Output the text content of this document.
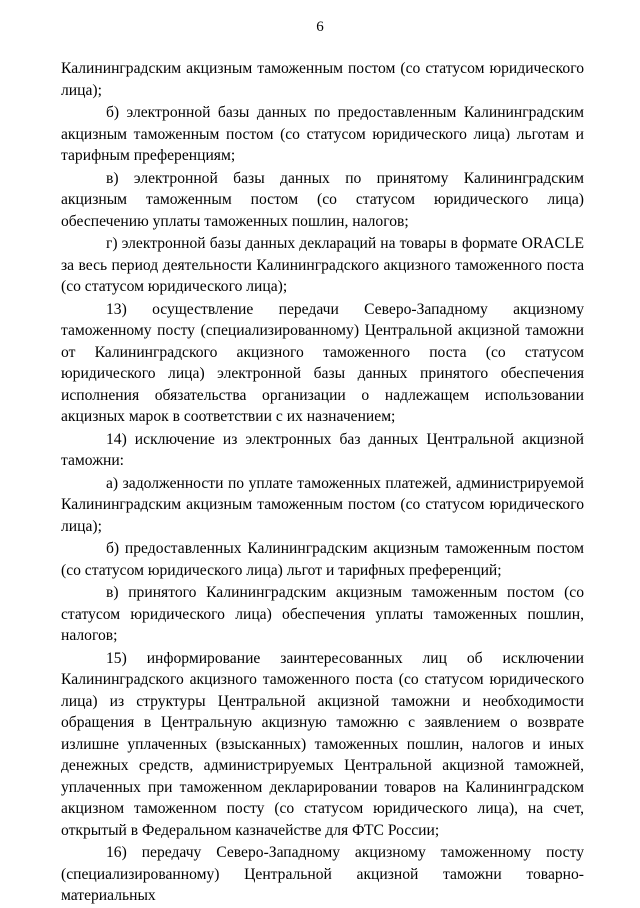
6

Калининградским акцизным таможенным постом (со статусом юридического лица);

б) электронной базы данных по предоставленным Калининградским акцизным таможенным постом (со статусом юридического лица) льготам и тарифным преференциям;

в) электронной базы данных по принятому Калининградским акцизным таможенным постом (со статусом юридического лица) обеспечению уплаты таможенных пошлин, налогов;

г) электронной базы данных деклараций на товары в формате ORACLE за весь период деятельности Калининградского акцизного таможенного поста (со статусом юридического лица);

13) осуществление передачи Северо-Западному акцизному таможенному посту (специализированному) Центральной акцизной таможни от Калининградского акцизного таможенного поста (со статусом юридического лица) электронной базы данных принятого обеспечения исполнения обязательства организации о надлежащем использовании акцизных марок в соответствии с их назначением;

14) исключение из электронных баз данных Центральной акцизной таможни:

а) задолженности по уплате таможенных платежей, администрируемой Калининградским акцизным таможенным постом (со статусом юридического лица);

б) предоставленных Калининградским акцизным таможенным постом (со статусом юридического лица) льгот и тарифных преференций;

в) принятого Калининградским акцизным таможенным постом (со статусом юридического лица) обеспечения уплаты таможенных пошлин, налогов;

15) информирование заинтересованных лиц об исключении Калининградского акцизного таможенного поста (со статусом юридического лица) из структуры Центральной акцизной таможни и необходимости обращения в Центральную акцизную таможню с заявлением о возврате излишне уплаченных (взысканных) таможенных пошлин, налогов и иных денежных средств, администрируемых Центральной акцизной таможней, уплаченных при таможенном декларировании товаров на Калининградском акцизном таможенном посту (со статусом юридического лица), на счет, открытый в Федеральном казначействе для ФТС России;

16) передачу Северо-Западному акцизному таможенному посту (специализированному) Центральной акцизной таможни товарно-материальных
